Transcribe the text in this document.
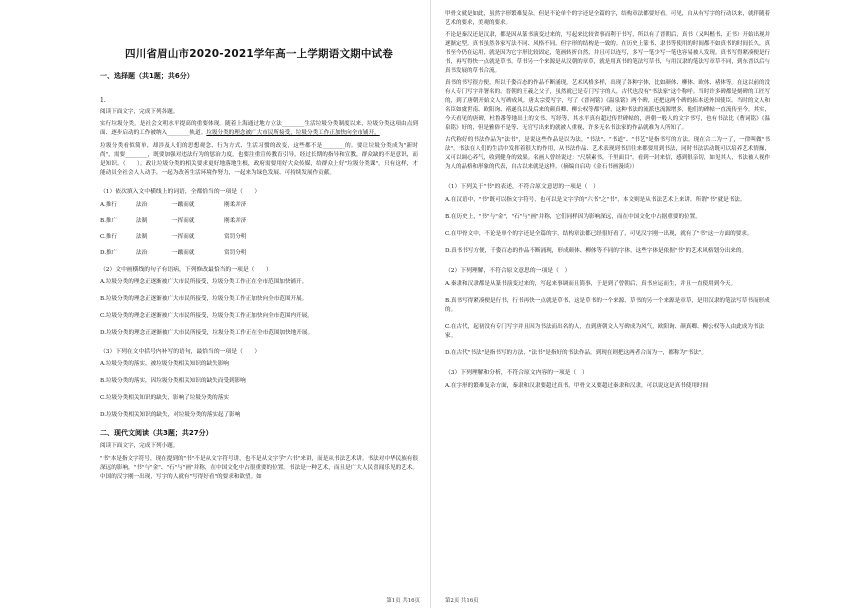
四川省眉山市2020-2021学年高一上学期语文期中试卷
一、选择题（共1题；共6分）
1.

阅读下面文字，完成下列各题。

实行垃圾分类，是社会文明水平提高的重要体现。随着上海通过地方立法________生活垃圾分类制度以来，垃圾分类这项由点到面、逐步启动的工作被纳入________轨道。垃圾分类的理念被广大市民所接受，垃圾分类工作正加快向全市铺开，

垃圾分类看似简单，却涉及人们的思想观念、行为方式、生活习惯的改变，这些都不是________的。要让垃圾分类成为"新时尚"，需要________，既要加强对违法行为的惩治力度，也要注重宣传教育引导。经过长期的指导和宣教，群众缺的不是意识，而是知识。（　　）。政让垃圾分类的相关要求更好地落地生根，政府需要用好大众传媒，给群众上好"垃圾分类课"。只有这样，才能动员全社会人人动手，一起为改善生活环境作努力，一起来为绿色发展、可持续发展作贡献。

（1）依次填入文中横线上的词语，全都恰当的一项是（　　）
A.推行	法治	一蹴而就	刚柔并济
B.推广	法制	一挥而就	刚柔并济
C.推行	法制	一挥而就	赏罚分明
D.推广	法治	一蹴而就	赏罚分明
（2）文中画横线的句子有语病，下列修改最恰当的一项是（　　）
A.垃圾分类的理念正逐渐被广大市民所接受，垃圾分类工作正在全市范围加快铺开。
B.垃圾分类的理念正逐渐被广大市民所接受，垃圾分类工作正加快向全市范围开展。
C.垃圾分类的理念正逐渐被广大市民所接受，垃圾分类工作正加快向全市范围内开展。
D.垃圾分类的理念正逐渐被广大市民所接受，垃圾分类工作正在全市范围加快地开展。
（3）下列在文中括号内补写的语句，最恰当的一项是（　　）
A.垃圾分类的落实，被垃圾分类相关知识的缺失影响
B.垃圾分类的落实，因垃圾分类相关知识的缺失而受到影响
C.垃圾分类相关知识的缺失，影响了垃圾分类的落实
D.垃圾分类相关知识的缺失，对垃圾分类的落实起了影响
二、现代文阅读（共3题；共27分）

阅读下面文字，完成下列小题。

"书"本是指文字符号，现在提到的"书"不是从文字符号讲，也不是从文字学"六书"来讲，而是从书法艺术讲。书法对中华民族有很深远的影响，"书"与"金"、"石"与"画"并称，在中国文化中占很重要的位置。书法是一种艺术，而且是广大人民喜闻乐见的艺术。中国的汉字刚一出现，写字的人就有"写得好看"的要求和欲望。如

第1页 共16页

甲骨文就是如此，虽然字形繁难复杂，但是不论单个的字还是全篇的字，结构章法都要好看。可见，自从有写字的行动以来，就伴随着艺术的要求，美观的要求。

不论是秦汉还是汉隶，都是因从篆书演变过来的，写起来比较省事而利于书写，所以有了晋朝后，真书（又叫楷书、正书）开始出现并逐渐定型。真书虽然各家写法不同、风格不同，但字形的结构是一致的。在历史上篆书、隶书等使用的时间都不如真书的时间长久，真书至今仍在运用，就是因为它字形比较固定，笔画转折自然，并且可以连写，多写一笔少写一笔也容易被人发现。真书写得紧凑便是行书，再写得快一点就是草书。草书另一个来源是从汉朝的章草，就是用真书的笔法写草书，与用汉隶的笔法写章草不同，到东晋以后与真书发展的草书合流。

真书的书写很方便，所以千姿百态的作品不断涌现，艺术风格多样，出现了各种字体，比如颜体、柳体、欧体、褚体等。在这以前的没有人专门写字并署名的。晋朝的王羲之父子，虽然就已是专门写字的人，古代也没有"书法家"这个称呼。当时许多碑都是刻碑的工匠写的，到了唐朝开始文人写碑成风。唐太宗爱写字，写了《晋祠铭》《温泉铭》两个碑，还把这两个碑的拓本送外国使臣。当时的文人和名臣如虞世南、欧阳询、褚遂良以及后来的颜真卿、柳公权等都写碑，这种书法的流派也流源增多，他们的碑帖一直流传至今。其实，今天看见的唐碑，杜鲁番等地出土的文书、写经等，其水平真有超过传世碑帖的，唐朝一般人的文字书写，也有书法比《曹词铭》《温泉铭》好的，但是雅俗不是等、无官写出来的就被人重视，许多无名书法家的作品就难为人所知了。

古代称好的书法作品为"法书"，是说这些作品是以为法，"书法"、"书道"、"书艺"是指书写的方法。现在合二为一了，一律叫做"书法"。书法在人们的生活中发挥着很大的作用，从书法作品、艺术表现到书信往来都要用到书法，同时书法活动既可以培养艺术情操，又可以调心养气，收到健身的效果。名画人曾经说过："尺牍素书，千里面目"。看到一封来信，感到很亲切，如见其人，书法被人视作为人的品格和形象的代表，自古以来就是这样。（摘编自启功《金石书画漫谈》）

（1）下列关于"书"的表述，不符合原文意思的一项是（　）
A.在汉语中，"书"既可以指文字符号，也可以是文字学的"六书"之"书"，本文则是从书法艺术上来讲，所谓"书"就是书法。
B.在历史上，"书"与"金"，"石"与"画"并称，它们同样因为影响深远，而在中国文化中占据重要的位置。
C.在甲骨文中，不论是单个的字还是全篇的字，结构章法都已经很好看了，可见汉字刚一出现，就有了"书"这一方面的要求。
D.真书书写方便，千姿百态的作品不断涌现，形成颜体、柳体等不同的字体，这些字体是依据"书"的艺术风格划分出来的。
（2）下列理解，不符合原文意思的一项是（　）
A.秦隶和汉隶都是从篆书演变过来的，写起来事调而且简事，于是到了曾朝后，真书应运而生，并且一直使用到今天。
B.真书写得紧凑便是行书，行书再快一点就是草书，这是草书的一个来源，草书的另一个来源是章草，是用汉隶的笔法写草书而形成的。
C.在古代，起初没有专门写字并且因为书法而出名的人，直到唐朝文人写碑成为风气，欧阳询、颜真卿、柳公权等人由此成为书法家。
D.在古代"书法"是指书写的方法，"法书"是指好的书法作品，到现在则把这两者合而为一，都称为"书法"。
（3）下列理解和分析，不符合原文内容的一项是（　）
A.在字形的繁难复杂方面，秦隶和汉隶要超过真书，甲骨文又要超过秦隶和汉隶，可以说这是真书使用时间
第2页 共16页
